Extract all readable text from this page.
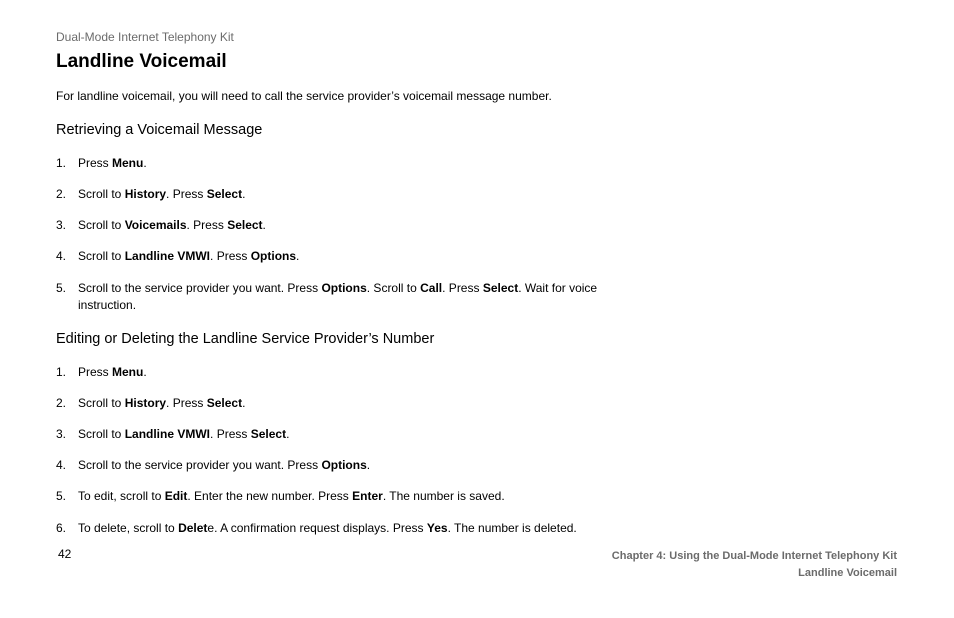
Dual-Mode Internet Telephony Kit
Landline Voicemail
For landline voicemail, you will need to call the service provider’s voicemail message number.
Retrieving a Voicemail Message
1. Press Menu.
2. Scroll to History. Press Select.
3. Scroll to Voicemails. Press Select.
4. Scroll to Landline VMWI. Press Options.
5. Scroll to the service provider you want. Press Options. Scroll to Call. Press Select. Wait for voice instruction.
Editing or Deleting the Landline Service Provider’s Number
1. Press Menu.
2. Scroll to History. Press Select.
3. Scroll to Landline VMWI. Press Select.
4. Scroll to the service provider you want. Press Options.
5. To edit, scroll to Edit. Enter the new number. Press Enter. The number is saved.
6. To delete, scroll to Delete. A confirmation request displays. Press Yes. The number is deleted.
42	Chapter 4: Using the Dual-Mode Internet Telephony Kit
Landline Voicemail
